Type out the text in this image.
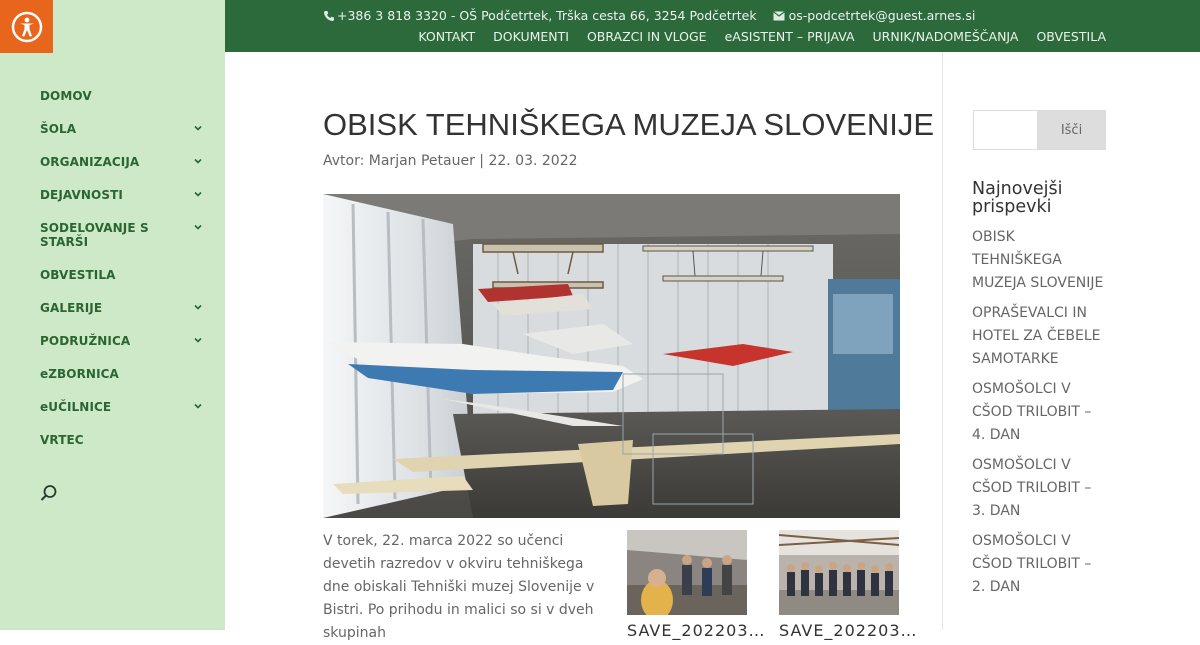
DOMOV
ŠOLA
ORGANIZACIJA
DEJAVNOSTI
SODELOVANJE S STARŠI
OBVESTILA
GALERIJE
PODRUŽNICA
eZBORNICA
eUČILNICE
VRTEC
+386 3 818 3320 - OŠ Podčetrtek, Trška cesta 66, 3254 Podčetrtek	os-podcetrtek@guest.arnes.si
KONTAKT DOKUMENTI OBRAZCI IN VLOGE eASISTENT – PRIJAVA URNIK/NADOMEŠČANJA OBVESTILA
OBISK TEHNIŠKEGA MUZEJA SLOVENIJE
Avtor: Marjan Petauer | 22. 03. 2022

V torek, 22. marca 2022 so učenci devetih razredov v okviru tehniškega dne obiskali Tehniški muzej Slovenije v Bistri. Po prihodu in malici so si v dveh skupinah	SAVE_202203… SAVE_202203…
Išči
Najnovejši prispevki
OBISK TEHNIŠKEGA MUZEJA SLOVENIJE
OPRAŠEVALCI IN HOTEL ZA ČEBELE SAMOTARKE
OSMOŠOLCI V CŠOD TRILOBIT – 4. DAN
OSMOŠOLCI V CŠOD TRILOBIT – 3. DAN
OSMOŠOLCI V CŠOD TRILOBIT – 2. DAN
